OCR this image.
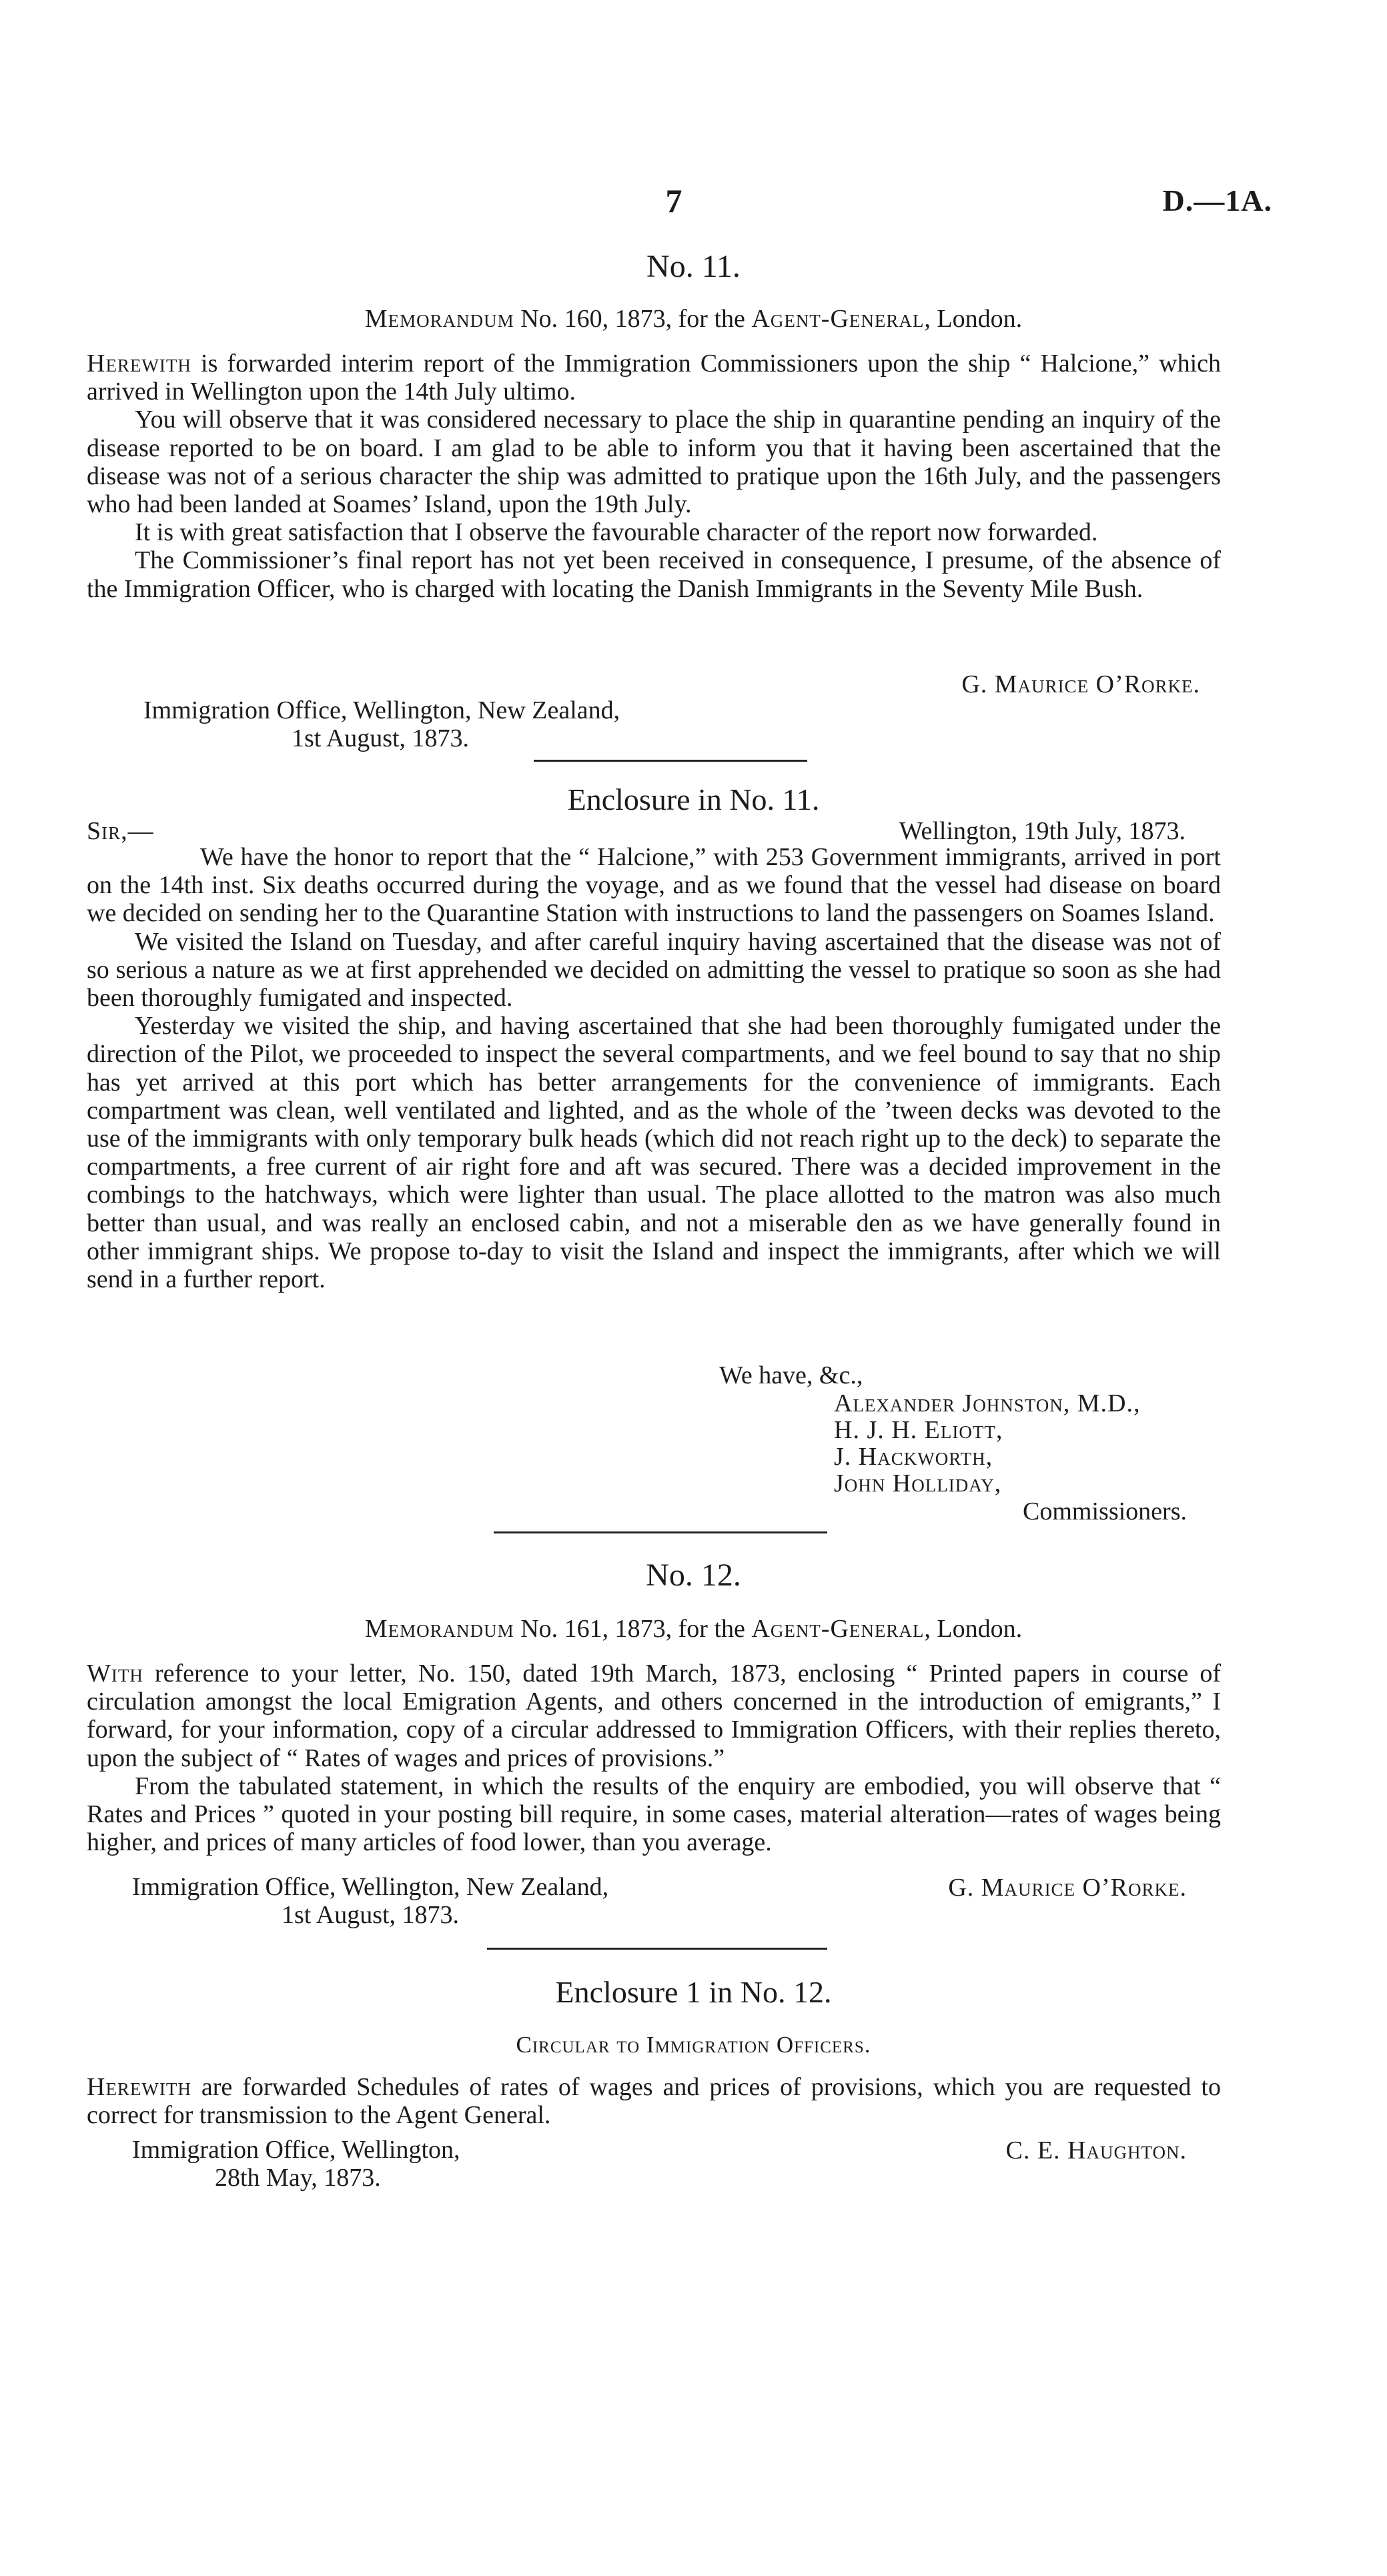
7	D.—1A.
No. 11.
Memorandum No. 160, 1873, for the Agent-General, London.

Herewith is forwarded interim report of the Immigration Commissioners upon the ship “ Halcione,” which arrived in Wellington upon the 14th July ultimo.

You will observe that it was considered necessary to place the ship in quarantine pending an inquiry of the disease reported to be on board. I am glad to be able to inform you that it having been ascertained that the disease was not of a serious character the ship was admitted to pratique upon the 16th July, and the passengers who had been landed at Soames’ Island, upon the 19th July.

It is with great satisfaction that I observe the favourable character of the report now forwarded.

The Commissioner’s final report has not yet been received in consequence, I presume, of the absence of the Immigration Officer, who is charged with locating the Danish Immigrants in the Seventy Mile Bush.

G. Maurice O’Rorke.
Immigration Office, Wellington, New Zealand,
1st August, 1873.
Enclosure in No. 11.
Sir,—	Wellington, 19th July, 1873.

We have the honor to report that the “ Halcione,” with 253 Government immigrants, arrived in port on the 14th inst. Six deaths occurred during the voyage, and as we found that the vessel had disease on board we decided on sending her to the Quarantine Station with instructions to land the passengers on Soames Island.

We visited the Island on Tuesday, and after careful inquiry having ascertained that the disease was not of so serious a nature as we at first apprehended we decided on admitting the vessel to pratique so soon as she had been thoroughly fumigated and inspected.

Yesterday we visited the ship, and having ascertained that she had been thoroughly fumigated under the direction of the Pilot, we proceeded to inspect the several compartments, and we feel bound to say that no ship has yet arrived at this port which has better arrangements for the convenience of immigrants. Each compartment was clean, well ventilated and lighted, and as the whole of the ’tween decks was devoted to the use of the immigrants with only temporary bulk heads (which did not reach right up to the deck) to separate the compartments, a free current of air right fore and aft was secured. There was a decided improvement in the combings to the hatchways, which were lighter than usual. The place allotted to the matron was also much better than usual, and was really an enclosed cabin, and not a miserable den as we have generally found in other immigrant ships. We propose to-day to visit the Island and inspect the immigrants, after which we will send in a further report.

We have, &c.,
Alexander Johnston, M.D.,
H. J. H. Eliott,
J. Hackworth,
John Holliday,
Commissioners.
No. 12.
Memorandum No. 161, 1873, for the Agent-General, London.

With reference to your letter, No. 150, dated 19th March, 1873, enclosing “ Printed papers in course of circulation amongst the local Emigration Agents, and others concerned in the introduction of emigrants,” I forward, for your information, copy of a circular addressed to Immigration Officers, with their replies thereto, upon the subject of “ Rates of wages and prices of provisions.”

From the tabulated statement, in which the results of the enquiry are embodied, you will observe that “ Rates and Prices ” quoted in your posting bill require, in some cases, material alteration—rates of wages being higher, and prices of many articles of food lower, than you average.

Immigration Office, Wellington, New Zealand,	G. Maurice O’Rorke.
1st August, 1873.
Enclosure 1 in No. 12.
Circular to Immigration Officers.

Herewith are forwarded Schedules of rates of wages and prices of provisions, which you are requested to correct for transmission to the Agent General.

Immigration Office, Wellington,	C. E. Haughton.
28th May, 1873.
